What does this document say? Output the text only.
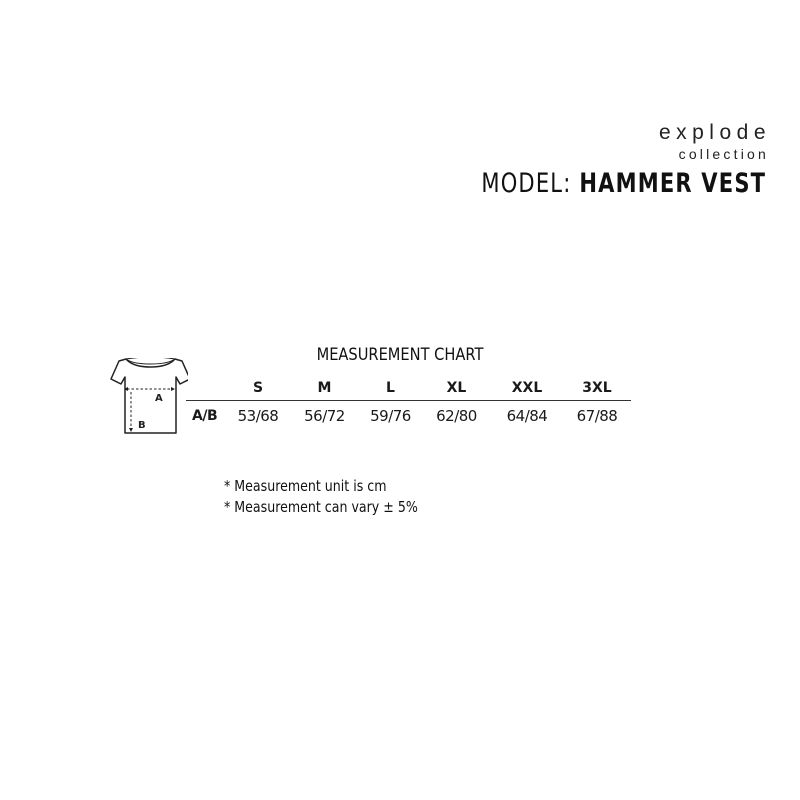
explode
collection
MODEL: HAMMER VEST
MEASUREMENT CHART
A
B
	S	M	L	XL	XXL	3XL
A/B	53/68	56/72	59/76	62/80	64/84	67/88
* Measurement unit is cm
* Measurement can vary ± 5%
